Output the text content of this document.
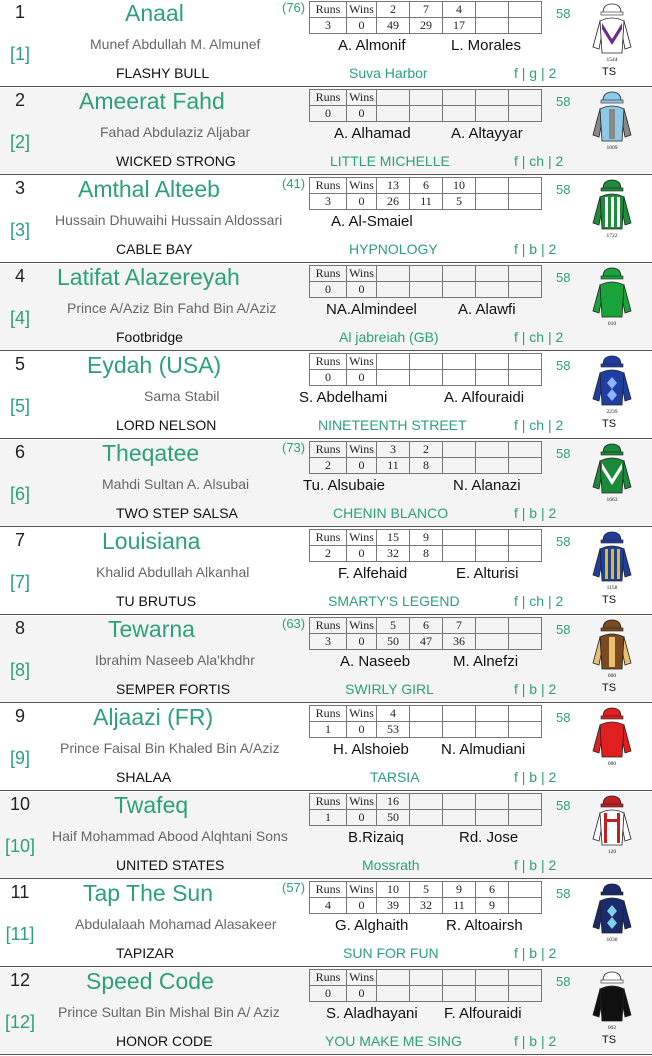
1
[1]
Anaal	(76)
Munef Abdullah M. Almunef
Runs	Wins	2	7	4		
3	0	49	29	17		
58
A. Almonif	L. Morales
FLASHY BULL	Suva Harbor	f | g | 2
1544
TS
2
[2]
Ameerat Fahd
Fahad Abdulaziz Aljabar
Runs	Wins					
0	0					
58
A. Alhamad	A. Altayyar
WICKED STRONG	LITTLE MICHELLE	f | ch | 2
1009
3
[3]
Amthal Alteeb	(41)
Hussain Dhuwaihi Hussain Aldossari
Runs	Wins	13	6	10		
3	0	26	11	5		
58
A. Al-Smaiel
CABLE BAY	HYPNOLOGY	f | b | 2
1722
4
[4]
Latifat Alazereyah
Prince A/Aziz Bin Fahd Bin A/Aziz
Runs	Wins					
0	0					
58
NA.Almindeel	A. Alawfi
Footbridge	Al jabreiah (GB)	f | ch | 2
010
5
[5]
Eydah (USA)
Sama Stabil
Runs	Wins					
0	0					
58
S. Abdelhami	A. Alfouraidi
LORD NELSON	NINETEENTH STREET	f | ch | 2
2239
TS
6
[6]
Theqatee	(73)
Mahdi Sultan A. Alsubai
Runs	Wins	3	2			
2	0	11	8			
58
Tu. Alsubaie	N. Alanazi
TWO STEP SALSA	CHENIN BLANCO	f | b | 2
1663
7
[7]
Louisiana
Khalid Abdullah Alkanhal
Runs	Wins	15	9			
2	0	32	8			
58
F. Alfehaid	E. Alturisi
TU BRUTUS	SMARTY'S LEGEND	f | ch | 2
1158
TS
8
[8]
Tewarna	(63)
Ibrahim Naseeb Ala'khdhr
Runs	Wins	5	6	7		
3	0	50	47	36		
58
A. Naseeb	M. Alnefzi
SEMPER FORTIS	SWIRLY GIRL	f | b | 2
000
TS
9
[9]
Aljaazi (FR)
Prince Faisal Bin Khaled Bin A/Aziz
Runs	Wins	4				
1	0	53				
58
H. Alshoieb N. Almudiani
SHALAA	TARSIA	f | b | 2
000
10
[10]
Twafeq
Haif Mohammad Abood Alqhtani Sons
Runs	Wins	16				
1	0	50				
58
B.Rizaiq	Rd. Jose
UNITED STATES	Mossrath	f | b | 2
120
11
[11]
Tap The Sun	(57)
Abdulalaah Mohamad Alasakeer
Runs	Wins	10	5	9	6	
4	0	39	32	11	9	
58
G. Alghaith	R. Altoairsh
TAPIZAR	SUN FOR FUN	f | b | 2
1030
12
[12]
Speed Code
Prince Sultan Bin Mishal Bin A/ Aziz
Runs	Wins					
0	0					
58
S. Aladhayani F. Alfouraidi
HONOR CODE	YOU MAKE ME SING	f | b | 2
002
TS
